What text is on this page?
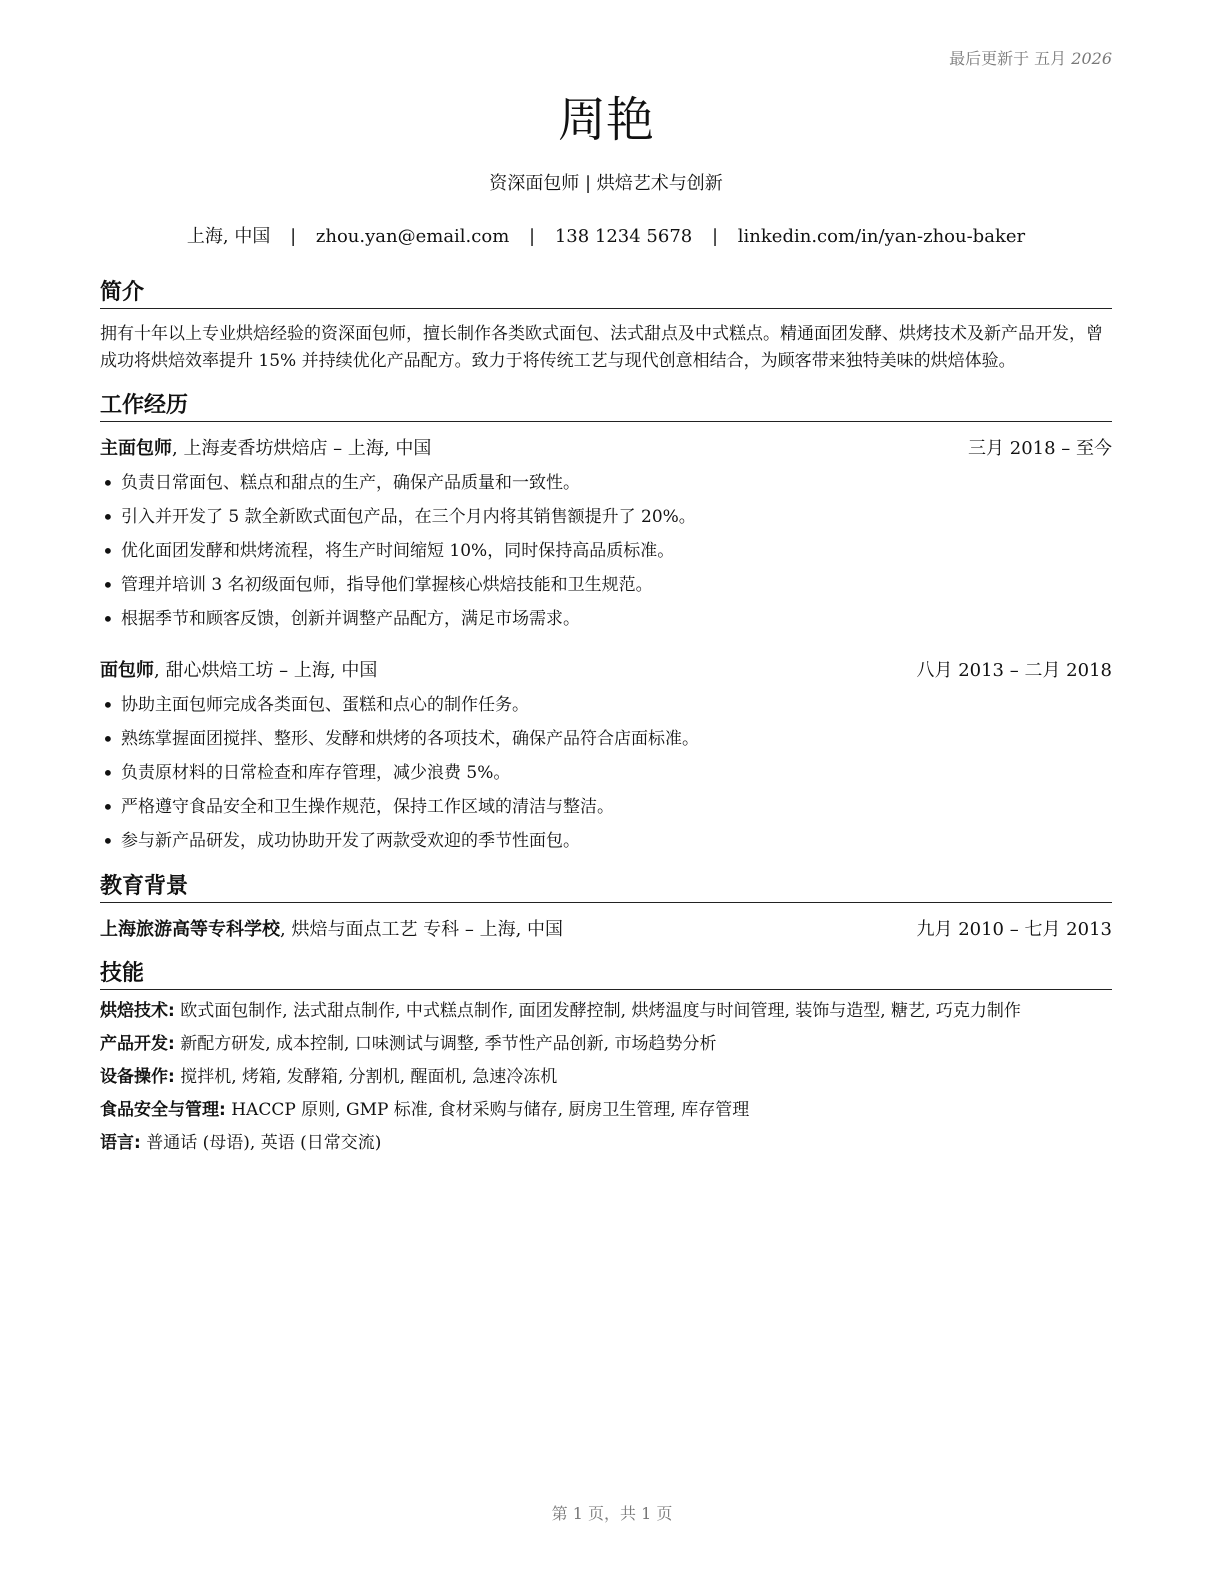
最后更新于 五月 2026
周艳
资深面包师 | 烘焙艺术与创新
上海, 中国 | zhou.yan@email.com | 138 1234 5678 | linkedin.com/in/yan-zhou-baker
简介
拥有十年以上专业烘焙经验的资深面包师，擅长制作各类欧式面包、法式甜点及中式糕点。精通面团发酵、烘烤技术及新产品开发，曾成功将烘焙效率提升 15% 并持续优化产品配方。致力于将传统工艺与现代创意相结合，为顾客带来独特美味的烘焙体验。
工作经历
主面包师, 上海麦香坊烘焙店 – 上海, 中国	三月 2018 – 至今
• 负责日常面包、糕点和甜点的生产，确保产品质量和一致性。
• 引入并开发了 5 款全新欧式面包产品，在三个月内将其销售额提升了 20%。
• 优化面团发酵和烘烤流程，将生产时间缩短 10%，同时保持高品质标准。
• 管理并培训 3 名初级面包师，指导他们掌握核心烘焙技能和卫生规范。
• 根据季节和顾客反馈，创新并调整产品配方，满足市场需求。
面包师, 甜心烘焙工坊 – 上海, 中国	八月 2013 – 二月 2018
• 协助主面包师完成各类面包、蛋糕和点心的制作任务。
• 熟练掌握面团搅拌、整形、发酵和烘烤的各项技术，确保产品符合店面标准。
• 负责原材料的日常检查和库存管理，减少浪费 5%。
• 严格遵守食品安全和卫生操作规范，保持工作区域的清洁与整洁。
• 参与新产品研发，成功协助开发了两款受欢迎的季节性面包。
教育背景
上海旅游高等专科学校, 烘焙与面点工艺 专科 – 上海, 中国	九月 2010 – 七月 2013
技能
烘焙技术: 欧式面包制作, 法式甜点制作, 中式糕点制作, 面团发酵控制, 烘烤温度与时间管理, 装饰与造型, 糖艺, 巧克力制作
产品开发: 新配方研发, 成本控制, 口味测试与调整, 季节性产品创新, 市场趋势分析
设备操作: 搅拌机, 烤箱, 发酵箱, 分割机, 醒面机, 急速冷冻机
食品安全与管理: HACCP 原则, GMP 标准, 食材采购与储存, 厨房卫生管理, 库存管理
语言: 普通话 (母语), 英语 (日常交流)
第 1 页，共 1 页
